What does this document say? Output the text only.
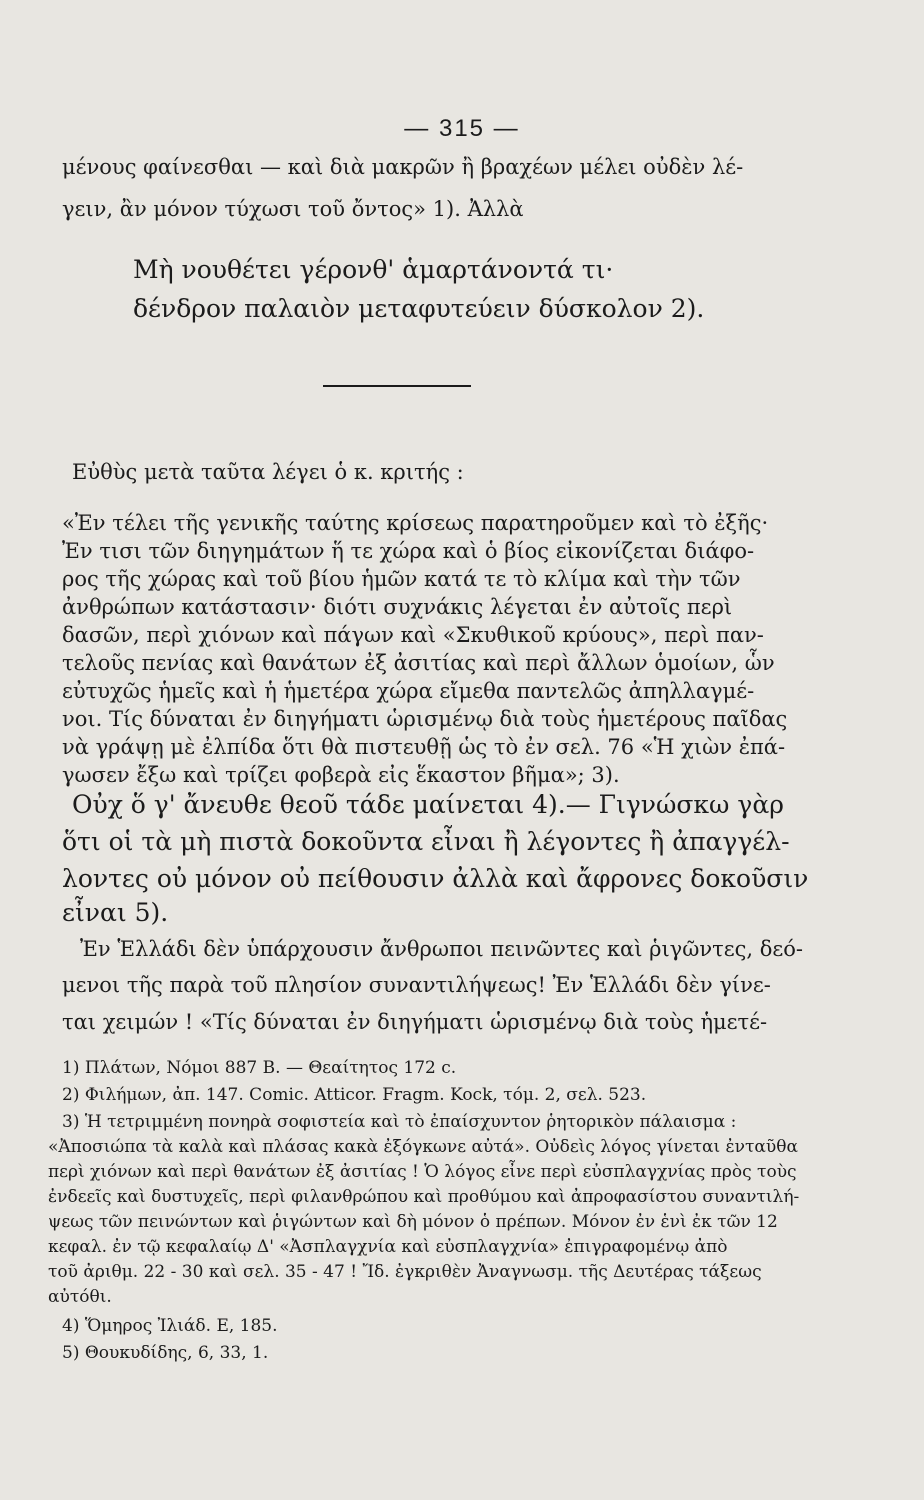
— 315 —
μένους φαίνεσθαι — καὶ διὰ μακρῶν ἢ βραχέων μέλει οὐδὲν λέ-
γειν, ἂν μόνον τύχωσι τοῦ ὄντος» 1). Ἀλλὰ
Μὴ νουθέτει γέρονθ' ἁμαρτάνοντά τι·
δένδρον παλαιὸν μεταφυτεύειν δύσκολον 2).
Εὐθὺς μετὰ ταῦτα λέγει ὁ κ. κριτής :
«Ἐν τέλει τῆς γενικῆς ταύτης κρίσεως παρατηροῦμεν καὶ τὸ ἐξῆς·
Ἐν τισι τῶν διηγημάτων ἥ τε χώρα καὶ ὁ βίος εἰκονίζεται διάφο-
ρος τῆς χώρας καὶ τοῦ βίου ἡμῶν κατά τε τὸ κλίμα καὶ τὴν τῶν
ἀνθρώπων κατάστασιν· διότι συχνάκις λέγεται ἐν αὐτοῖς περὶ
δασῶν, περὶ χιόνων καὶ πάγων καὶ «Σκυθικοῦ κρύους», περὶ παν-
τελοῦς πενίας καὶ θανάτων ἐξ ἀσιτίας καὶ περὶ ἄλλων ὁμοίων, ὧν
εὐτυχῶς ἡμεῖς καὶ ἡ ἡμετέρα χώρα εἴμεθα παντελῶς ἀπηλλαγμέ-
νοι. Τίς δύναται ἐν διηγήματι ὡρισμένῳ διὰ τοὺς ἡμετέρους παῖδας
νὰ γράψῃ μὲ ἐλπίδα ὅτι θὰ πιστευθῇ ὡς τὸ ἐν σελ. 76 «Ἡ χιὼν ἐπά-
γωσεν ἔξω καὶ τρίζει φοβερὰ εἰς ἕκαστον βῆμα»; 3).
Οὐχ ὅ γ' ἄνευθε θεοῦ τάδε μαίνεται 4).— Γιγνώσκω γὰρ
ὅτι οἱ τὰ μὴ πιστὰ δοκοῦντα εἶναι ἢ λέγοντες ἢ ἀπαγγέλ-
λοντες οὐ μόνον οὐ πείθουσιν ἀλλὰ καὶ ἄφρονες δοκοῦσιν
εἶναι 5).
Ἐν Ἑλλάδι δὲν ὑπάρχουσιν ἄνθρωποι πεινῶντες καὶ ῥιγῶντες, δεό-
μενοι τῆς παρὰ τοῦ πλησίον συναντιλήψεως! Ἐν Ἑλλάδι δὲν γίνε-
ται χειμών ! «Τίς δύναται ἐν διηγήματι ὡρισμένῳ διὰ τοὺς ἡμετέ-
1) Πλάτων, Νόμοι 887 Β. — Θεαίτητος 172 c.
2) Φιλήμων, ἀπ. 147. Comic. Atticor. Fragm. Kock, τόμ. 2, σελ. 523.
3) Ἡ τετριμμένη πονηρὰ σοφιστεία καὶ τὸ ἐπαίσχυντον ῥητορικὸν πάλαισμα :
«Ἀποσιώπα τὰ καλὰ καὶ πλάσας κακὰ ἐξόγκωνε αὐτά». Οὐδεὶς λόγος γίνεται ἐνταῦθα
περὶ χιόνων καὶ περὶ θανάτων ἐξ ἀσιτίας ! Ὁ λόγος εἶνε περὶ εὐσπλαγχνίας πρὸς τοὺς
ἐνδεεῖς καὶ δυστυχεῖς, περὶ φιλανθρώπου καὶ προθύμου καὶ ἀπροφασίστου συναντιλή-
ψεως τῶν πεινώντων καὶ ῥιγώντων καὶ δὴ μόνον ὁ πρέπων. Μόνον ἐν ἑνὶ ἐκ τῶν 12
κεφαλ. ἐν τῷ κεφαλαίῳ Δ' «Ἀσπλαγχνία καὶ εὐσπλαγχνία» ἐπιγραφομένῳ ἀπὸ
τοῦ ἀριθμ. 22 - 30 καὶ σελ. 35 - 47 ! Ἴδ. ἐγκριθὲν Ἀναγνωσμ. τῆς Δευτέρας τάξεως
αὐτόθι.
4) Ὅμηρος Ἰλιάδ. Ε, 185.
5) Θουκυδίδης, 6, 33, 1.
